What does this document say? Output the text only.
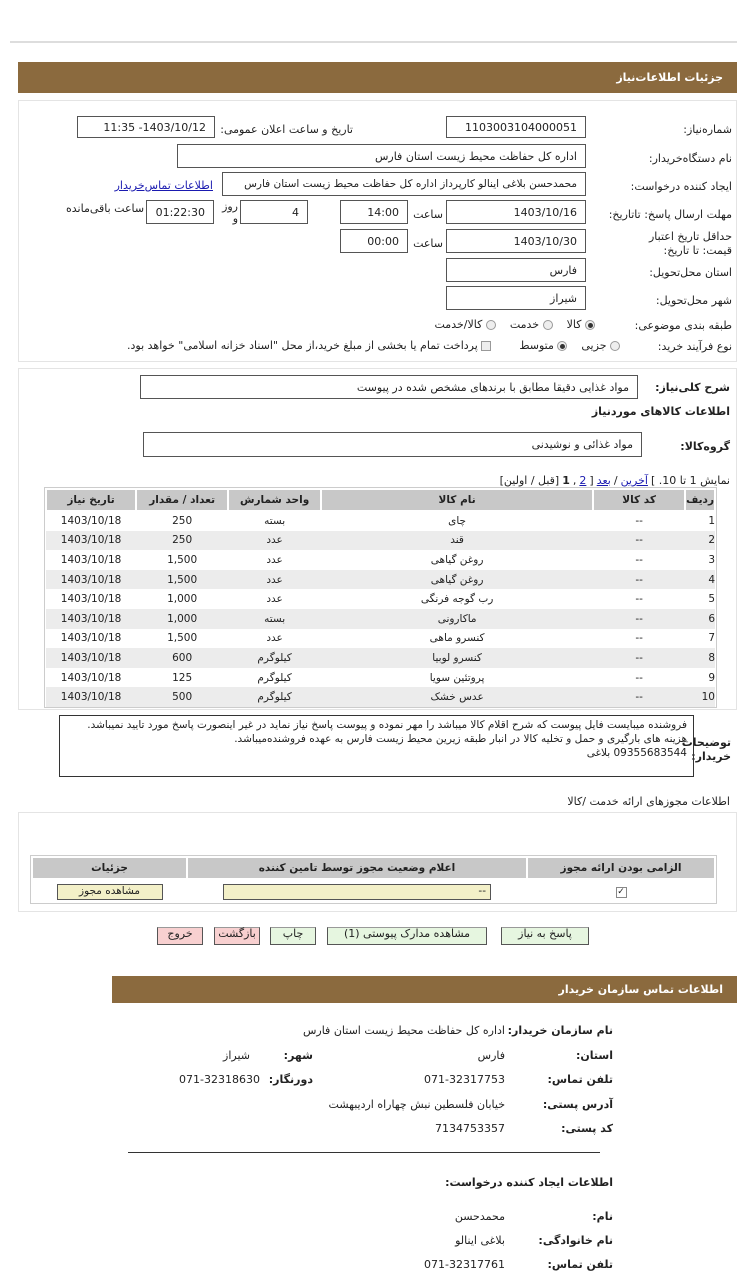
جزئیات اطلاعات‌نیاز
شماره‌نیاز:
1103003104000051
تاریخ و ساعت اعلان عمومی:
1403/10/12- 11:35
نام دستگاه‌خریدار:
اداره کل حفاظت محیط زیست استان فارس
ایجاد کننده درخواست:
محمدحسن بلاغی اینالو کارپرداز اداره کل حفاظت محیط زیست استان فارس
اطلاعات تماس‌خریدار
مهلت ارسال پاسخ: تاتاریخ:
1403/10/16
ساعت
14:00
4
روز و
01:22:30
ساعت باقی‌مانده
حداقل تاریخ اعتبار قیمت: تا تاریخ:
1403/10/30
ساعت
00:00
استان محل‌تحویل:
فارس
شهر محل‌تحویل:
شیراز
طبقه بندی موضوعی:
کالا
خدمت
کالا/خدمت
نوع فرآیند خرید:
جزیی
متوسط
پرداخت تمام یا بخشی از مبلغ خرید،از محل "اسناد خزانه اسلامی" خواهد بود.
شرح کلی‌نیاز:
مواد غذایی دقیقا مطابق با برندهای مشخص شده در پیوست
اطلاعات کالاهای موردنیاز
گروه‌کالا:
مواد غذائی و نوشیدنی
نمایش 1 تا 10. ]
آخرین
/
بعد
[
2
,
1
[قبل / اولین]
ردیف	کد کالا	نام کالا	واحد شمارش	تعداد / مقدار	تاریخ نیاز
1	--	چای	بسته	250	1403/10/18
2	--	قند	عدد	250	1403/10/18
3	--	روغن گیاهی	عدد	1,500	1403/10/18
4	--	روغن گیاهی	عدد	1,500	1403/10/18
5	--	رب گوجه فرنگی	عدد	1,000	1403/10/18
6	--	ماکارونی	بسته	1,000	1403/10/18
7	--	کنسرو ماهی	عدد	1,500	1403/10/18
8	--	کنسرو لوبیا	کیلوگرم	600	1403/10/18
9	--	پروتئین سویا	کیلوگرم	125	1403/10/18
10	--	عدس خشک	کیلوگرم	500	1403/10/18
توضیحات خریدار:
فروشنده میبایست فایل پیوست که شرح اقلام کالا میباشد را مهر نموده و پیوست پاسخ نیاز نماید در غیر اینصورت پاسخ مورد تایید نمیباشد.
هزینه های بارگیری و حمل و تخلیه کالا در انبار طبقه زیرین محیط زیست فارس به عهده فروشنده‌میباشد.
09355683544 بلاغی
اطلاعات مجوزهای ارائه خدمت /کالا
الزامی بودن ارائه مجوز	اعلام وضعیت مجوز توسط تامین کننده	جزئیات
✓	--	مشاهده مجوز
پاسخ به نیاز
مشاهده مدارک پیوستی (1)
چاپ
بازگشت
خروج
اطلاعات تماس سازمان خریدار
نام سازمان خریدار:
اداره کل حفاظت محیط زیست استان فارس
استان:
فارس
شهر:
شیراز
تلفن تماس:
071-32317753
دورنگار:
071-32318630
آدرس پستی:
خیابان فلسطین نبش چهاراه اردیبهشت
کد پستی:
7134753357
اطلاعات ایجاد کننده درخواست:
نام:
محمدحسن
نام خانوادگی:
بلاغی اینالو
تلفن تماس:
071-32317761
